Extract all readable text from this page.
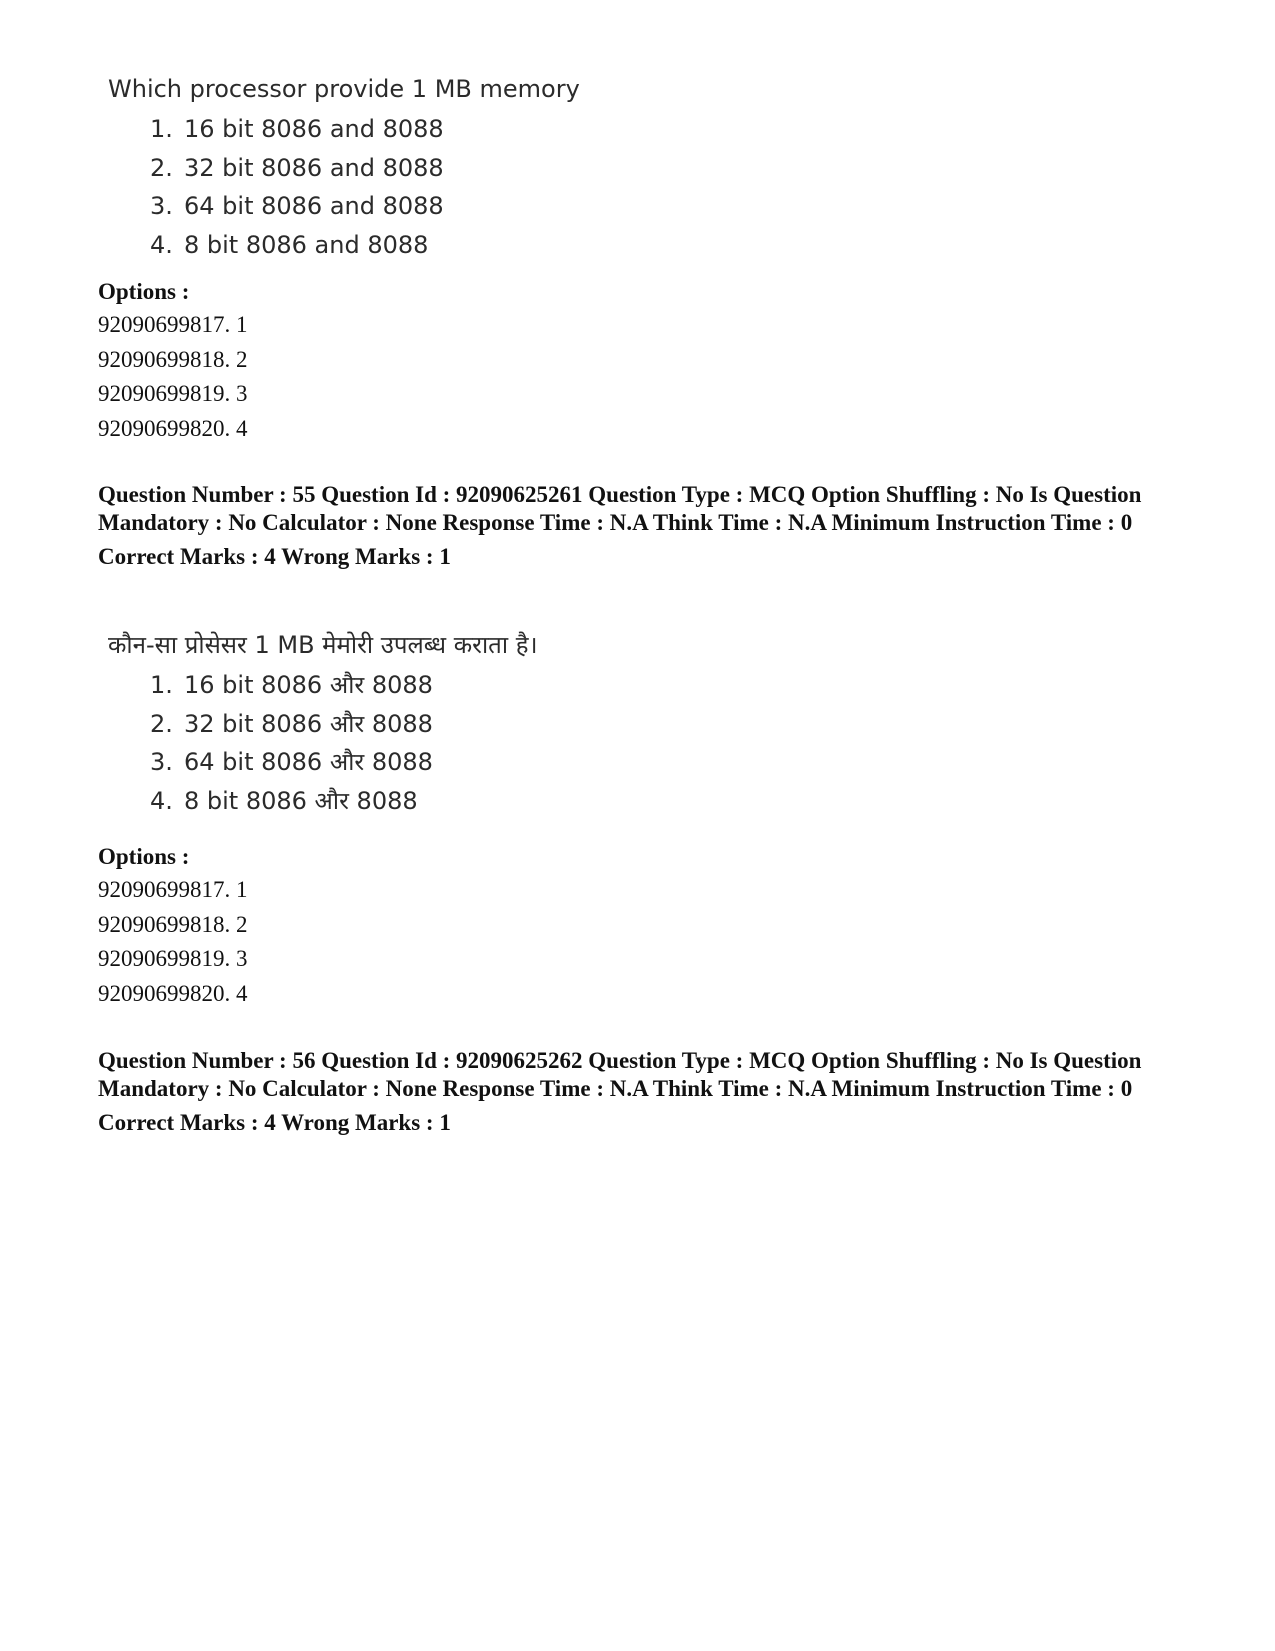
Which processor provide 1 MB memory
1. 16 bit 8086 and 8088
2. 32 bit 8086 and 8088
3. 64 bit 8086 and 8088
4. 8 bit 8086 and 8088
Options :
92090699817. 1
92090699818. 2
92090699819. 3
92090699820. 4
Question Number : 55 Question Id : 92090625261 Question Type : MCQ Option Shuffling : No Is Question Mandatory : No Calculator : None Response Time : N.A Think Time : N.A Minimum Instruction Time : 0
Correct Marks : 4 Wrong Marks : 1
कौन-सा प्रोसेसर 1 MB मेमोरी उपलब्ध कराता है।
1. 16 bit 8086 और 8088
2. 32 bit 8086 और 8088
3. 64 bit 8086 और 8088
4. 8 bit 8086 और 8088
Options :
92090699817. 1
92090699818. 2
92090699819. 3
92090699820. 4
Question Number : 56 Question Id : 92090625262 Question Type : MCQ Option Shuffling : No Is Question Mandatory : No Calculator : None Response Time : N.A Think Time : N.A Minimum Instruction Time : 0
Correct Marks : 4 Wrong Marks : 1
